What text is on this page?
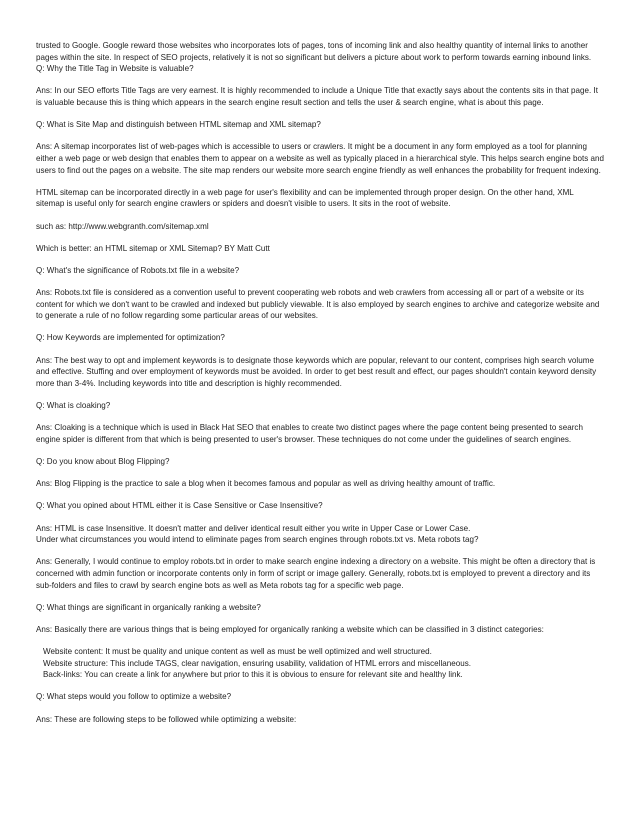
trusted to Google. Google reward those websites who incorporates lots of pages, tons of incoming link and also healthy quantity of internal links to another pages within the site. In respect of SEO projects, relatively it is not so significant but delivers a picture about work to perform towards earning inbound links.

Q: Why the Title Tag in Website is valuable?

Ans: In our SEO efforts Title Tags are very earnest. It is highly recommended to include a Unique Title that exactly says about the contents sits in that page. It is valuable because this is thing which appears in the search engine result section and tells the user & search engine, what is about this page.

Q: What is Site Map and distinguish between HTML sitemap and XML sitemap?

Ans: A sitemap incorporates list of web-pages which is accessible to users or crawlers. It might be a document in any form employed as a tool for planning either a web page or web design that enables them to appear on a website as well as typically placed in a hierarchical style. This helps search engine bots and users to find out the pages on a website. The site map renders our website more search engine friendly as well enhances the probability for frequent indexing.

HTML sitemap can be incorporated directly in a web page for user's flexibility and can be implemented through proper design. On the other hand, XML sitemap is useful only for search engine crawlers or spiders and doesn't visible to users. It sits in the root of website.

such as: http://www.webgranth.com/sitemap.xml

Which is better: an HTML sitemap or XML Sitemap? BY Matt Cutt

Q: What's the significance of Robots.txt file in a website?

Ans: Robots.txt file is considered as a convention useful to prevent cooperating web robots and web crawlers from accessing all or part of a website or its content for which we don't want to be crawled and indexed but publicly viewable. It is also employed by search engines to archive and categorize website and to generate a rule of no follow regarding some particular areas of our websites.

Q: How Keywords are implemented for optimization?

Ans: The best way to opt and implement keywords is to designate those keywords which are popular, relevant to our content, comprises high search volume and effective. Stuffing and over employment of keywords must be avoided. In order to get best result and effect, our pages shouldn't contain keyword density more than 3-4%. Including keywords into title and description is highly recommended.

Q: What is cloaking?

Ans: Cloaking is a technique which is used in Black Hat SEO that enables to create two distinct pages where the page content being presented to search engine spider is different from that which is being presented to user's browser. These techniques do not come under the guidelines of search engines.

Q: Do you know about Blog Flipping?

Ans: Blog Flipping is the practice to sale a blog when it becomes famous and popular as well as driving healthy amount of traffic.

Q: What you opined about HTML either it is Case Sensitive or Case Insensitive?

Ans: HTML is case Insensitive. It doesn't matter and deliver identical result either you write in Upper Case or Lower Case.
Under what circumstances you would intend to eliminate pages from search engines through robots.txt vs. Meta robots tag?

Ans: Generally, I would continue to employ robots.txt in order to make search engine indexing a directory on a website. This might be often a directory that is concerned with admin function or incorporate contents only in form of script or image gallery. Generally, robots.txt is employed to prevent a directory and its sub-folders and files to crawl by search engine bots as well as Meta robots tag for a specific web page.

Q: What things are significant in organically ranking a website?

Ans: Basically there are various things that is being employed for organically ranking a website which can be classified in 3 distinct categories:

Website content: It must be quality and unique content as well as must be well optimized and well structured.
Website structure: This include TAGS, clear navigation, ensuring usability, validation of HTML errors and miscellaneous.
Back-links: You can create a link for anywhere but prior to this it is obvious to ensure for relevant site and healthy link.

Q: What steps would you follow to optimize a website?

Ans: These are following steps to be followed while optimizing a website:
